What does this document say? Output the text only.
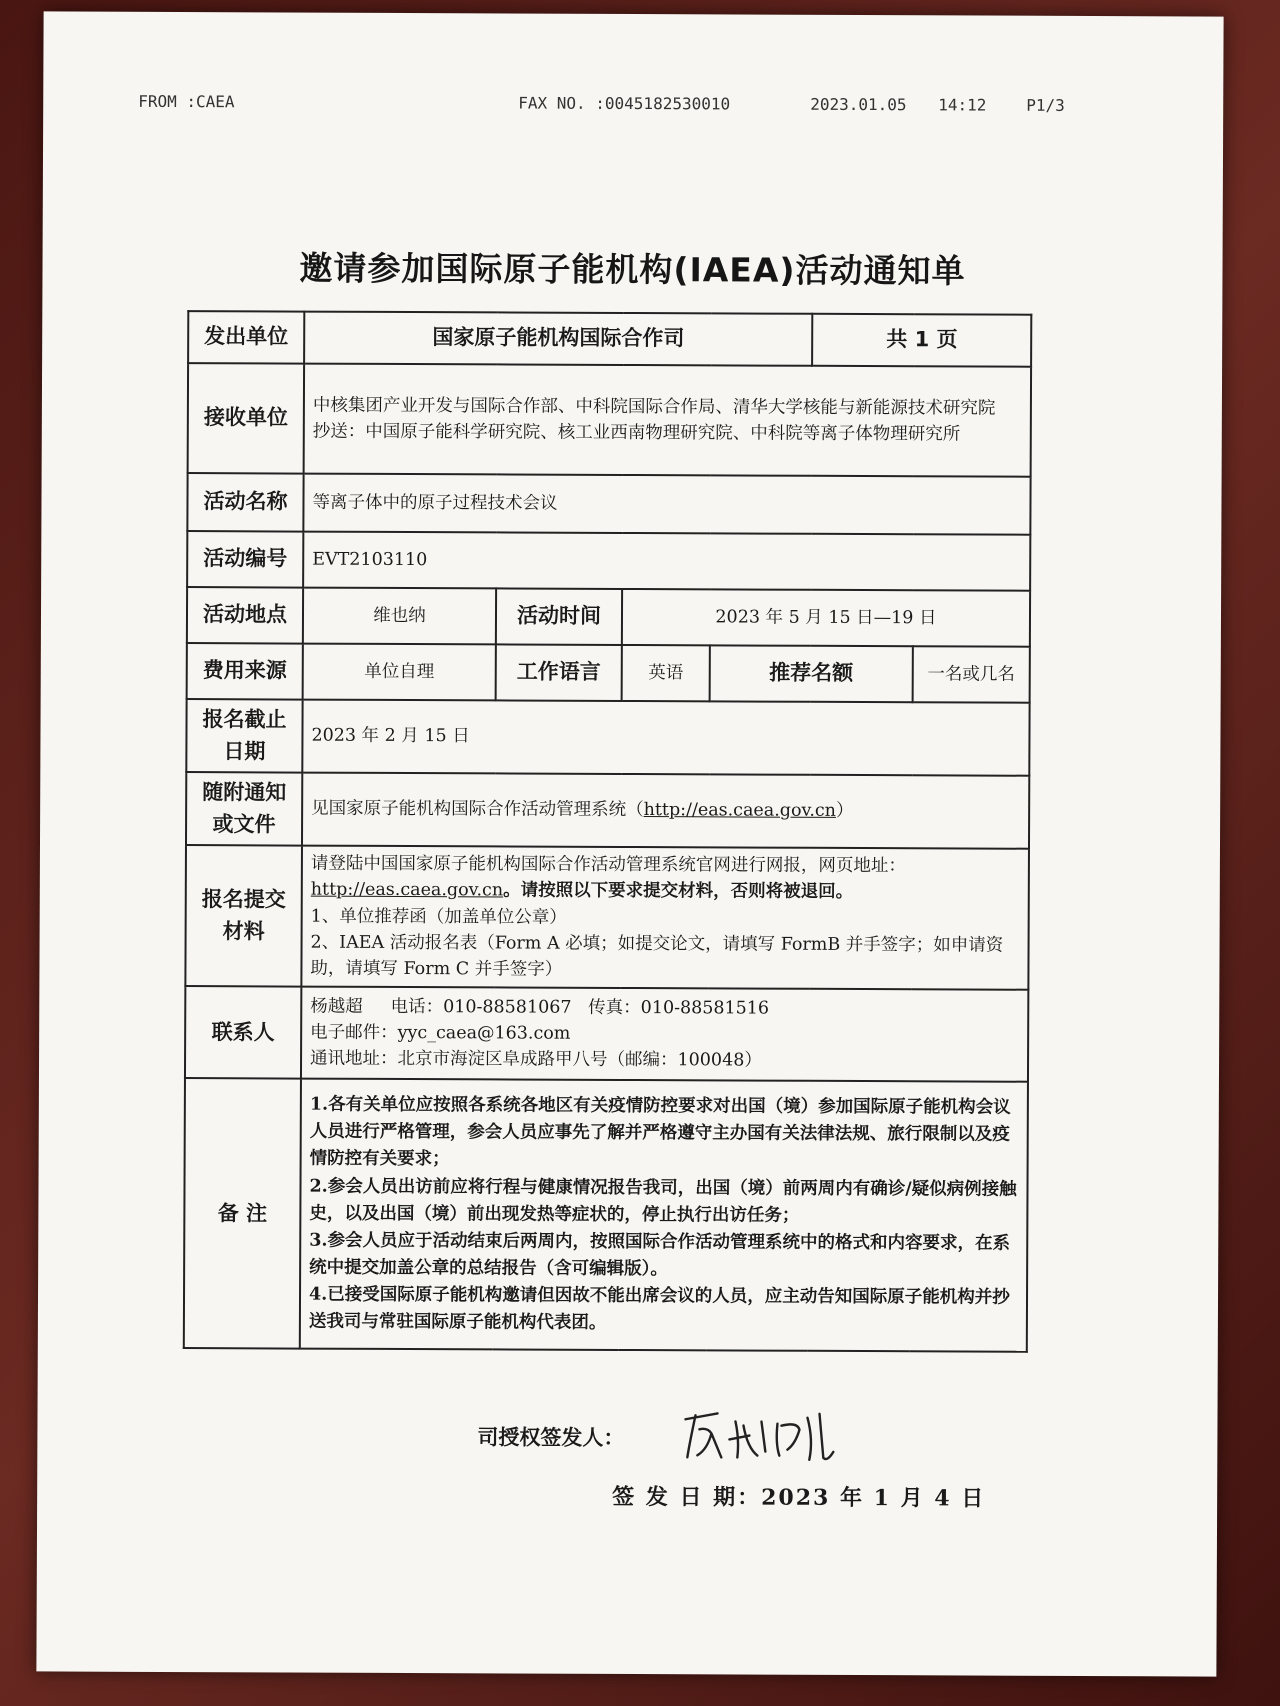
FROM :CAEA	FAX NO. :0045182530010	2023.01.05 14:12 P1/3
邀请参加国际原子能机构(IAEA)活动通知单
发出单位	国家原子能机构国际合作司				共 1 页	
接收单位	中核集团产业开发与国际合作部、中科院国际合作局、清华大学核能与新能源技术研究院
抄送：中国原子能科学研究院、核工业西南物理研究院、中科院等离子体物理研究所					

活动名称	等离子体中的原子过程技术会议					
活动编号	EVT2103110					
活动地点	维也纳	活动时间	2023 年 5 月 15 日—19 日			
费用来源	单位自理	工作语言	英语	推荐名额		一名或几名
报名截止日期	2023 年 2 月 15 日					
随附通知或文件	见国家原子能机构国际合作活动管理系统（http://eas.caea.gov.cn）					
报名提交材料	请登陆中国国家原子能机构国际合作活动管理系统官网进行网报，网页地址：http://eas.caea.gov.cn。请按照以下要求提交材料，否则将被退回。
1、单位推荐函（加盖单位公章）
2、IAEA 活动报名表（Form A 必填；如提交论文，请填写 FormB 并手签字；如申请资助，请填写 Form C 并手签字）					

联系人	杨越超 电话：010-88581067 传真：010-88581516
电子邮件：yyc_caea@163.com
通讯地址：北京市海淀区阜成路甲八号（邮编：100048）					

备 注	1.各有关单位应按照各系统各地区有关疫情防控要求对出国（境）参加国际原子能机构会议人员进行严格管理，参会人员应事先了解并严格遵守主办国有关法律法规、旅行限制以及疫情防控有关要求；

2.参会人员出访前应将行程与健康情况报告我司，出国（境）前两周内有确诊/疑似病例接触史，以及出国（境）前出现发热等症状的，停止执行出访任务；

3.参会人员应于活动结束后两周内，按照国际合作活动管理系统中的格式和内容要求，在系统中提交加盖公章的总结报告（含可编辑版）。

4.已接受国际原子能机构邀请但因故不能出席会议的人员，应主动告知国际原子能机构并抄送我司与常驻国际原子能机构代表团。					

司授权签发人：
签 发 日 期：2023 年 1 月 4 日
